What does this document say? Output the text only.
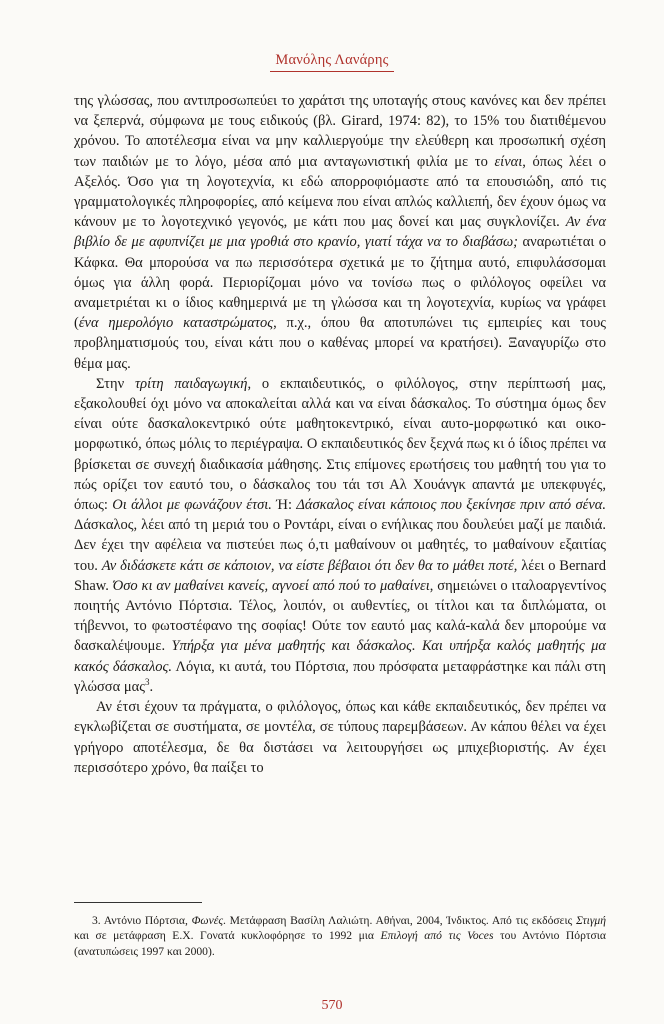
Μανόλης Λανάρης

της γλώσσας, που αντιπροσωπεύει το χαράτσι της υποταγής στους κανόνες και δεν πρέπει να ξεπερνά, σύμφωνα με τους ειδικούς (βλ. Girard, 1974: 82), το 15% του διατιθέμενου χρόνου. Το αποτέλεσμα είναι να μην καλλιεργούμε την ελεύθερη και προσωπική σχέση των παιδιών με το λόγο, μέσα από μια ανταγωνιστική φιλία με το είναι, όπως λέει ο Αξελός. Όσο για τη λογοτεχνία, κι εδώ απορροφιόμαστε από τα επουσιώδη, από τις γραμματολογικές πληροφορίες, από κείμενα που είναι απλώς καλλιεπή, δεν έχουν όμως να κάνουν με το λογοτεχνικό γεγονός, με κάτι που μας δονεί και μας συγκλονίζει. Αν ένα βιβλίο δε με αφυπνίζει με μια γροθιά στο κρανίο, γιατί τάχα να το διαβάσω; αναρωτιέται ο Κάφκα. Θα μπορούσα να πω περισσότερα σχετικά με το ζήτημα αυτό, επιφυλάσσομαι όμως για άλλη φορά. Περιορίζομαι μόνο να τονίσω πως ο φιλόλογος οφείλει να αναμετριέται κι ο ίδιος καθημερινά με τη γλώσσα και τη λογοτεχνία, κυρίως να γράφει (ένα ημερολόγιο καταστρώματος, π.χ., όπου θα αποτυπώνει τις εμπειρίες και τους προβληματισμούς του, είναι κάτι που ο καθένας μπορεί να κρατήσει). Ξαναγυρίζω στο θέμα μας.

Στην τρίτη παιδαγωγική, ο εκπαιδευτικός, ο φιλόλογος, στην περίπτωσή μας, εξακολουθεί όχι μόνο να αποκαλείται αλλά και να είναι δάσκαλος. Το σύστημα όμως δεν είναι ούτε δασκαλοκεντρικό ούτε μαθητοκεντρικό, είναι αυτο-μορφωτικό και οικο-μορφωτικό, όπως μόλις το περιέγραψα. Ο εκπαιδευτικός δεν ξεχνά πως κι ό ίδιος πρέπει να βρίσκεται σε συνεχή διαδικασία μάθησης. Στις επίμονες ερωτήσεις του μαθητή του για το πώς ορίζει τον εαυτό του, ο δάσκαλος του τάι τσι Αλ Χουάνγκ απαντά με υπεκφυγές, όπως: Οι άλλοι με φωνάζουν έτσι. Ή: Δάσκαλος είναι κάποιος που ξεκίνησε πριν από σένα. Δάσκαλος, λέει από τη μεριά του ο Ροντάρι, είναι ο ενήλικας που δουλεύει μαζί με παιδιά. Δεν έχει την αφέλεια να πιστεύει πως ό,τι μαθαίνουν οι μαθητές, το μαθαίνουν εξαιτίας του. Αν διδάσκετε κάτι σε κάποιον, να είστε βέβαιοι ότι δεν θα το μάθει ποτέ, λέει ο Bernard Shaw. Όσο κι αν μαθαίνει κανείς, αγνοεί από πού το μαθαίνει, σημειώνει ο ιταλοαργεντίνος ποιητής Αντόνιο Πόρτσια. Τέλος, λοιπόν, οι αυθεντίες, οι τίτλοι και τα διπλώματα, οι τήβεννοι, το φωτοστέφανο της σοφίας! Ούτε τον εαυτό μας καλά-καλά δεν μπορούμε να δασκαλέψουμε. Υπήρξα για μένα μαθητής και δάσκαλος. Και υπήρξα καλός μαθητής μα κακός δάσκαλος. Λόγια, κι αυτά, του Πόρτσια, που πρόσφατα μεταφράστηκε και πάλι στη γλώσσα μας$^3$.

Αν έτσι έχουν τα πράγματα, ο φιλόλογος, όπως και κάθε εκπαιδευτικός, δεν πρέπει να εγκλωβίζεται σε συστήματα, σε μοντέλα, σε τύπους παρεμβάσεων. Αν κάπου θέλει να έχει γρήγορο αποτέλεσμα, δε θα διστάσει να λειτουργήσει ως μπιχεβιοριστής. Αν έχει περισσότερο χρόνο, θα παίξει το

3. Αντόνιο Πόρτσια, Φωνές. Μετάφραση Βασίλη Λαλιώτη. Αθήναι, 2004, Ίνδικτος. Από τις εκδόσεις Στιγμή και σε μετάφραση Ε.Χ. Γονατά κυκλοφόρησε το 1992 μια Επιλογή από τις Voces του Αντόνιο Πόρτσια (ανατυπώσεις 1997 και 2000).
570
